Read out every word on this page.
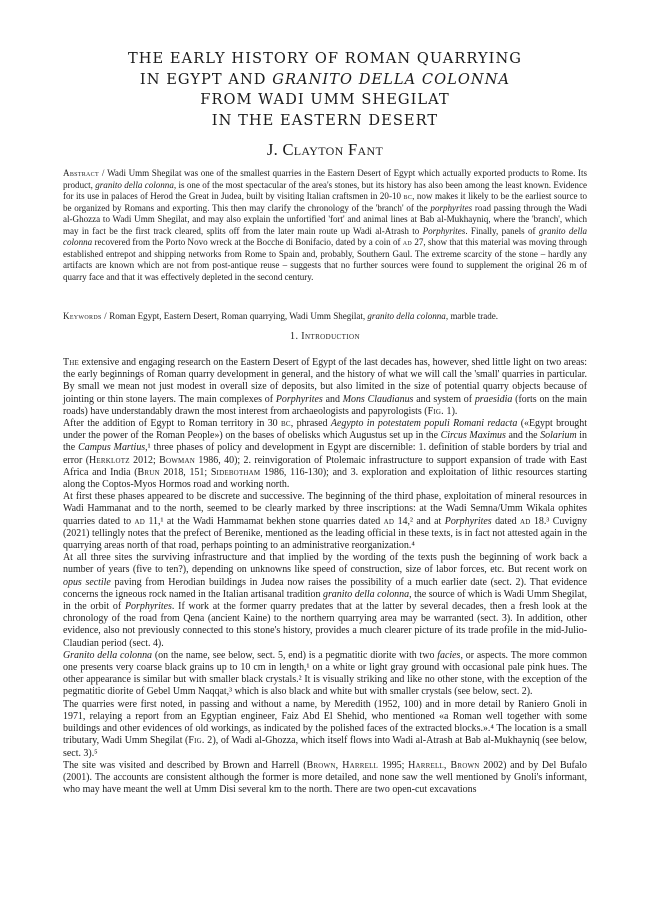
THE EARLY HISTORY OF ROMAN QUARRYING
IN EGYPT AND GRANITO DELLA COLONNA
FROM WADI UMM SHEGILAT
IN THE EASTERN DESERT
J. Clayton Fant

Abstract / Wadi Umm Shegilat was one of the smallest quarries in the Eastern Desert of Egypt which actually exported products to Rome. Its product, granito della colonna, is one of the most spectacular of the area's stones, but its history has also been among the least known. Evidence for its use in palaces of Herod the Great in Judea, built by visiting Italian craftsmen in 20-10 bc, now makes it likely to be the earliest source to be organized by Romans and exporting. This then may clarify the chronology of the 'branch' of the porphyrites road passing through the Wadi al-Ghozza to Wadi Umm Shegilat, and may also explain the unfortified 'fort' and animal lines at Bab al-Mukhayniq, where the 'branch', which may in fact be the first track cleared, splits off from the later main route up Wadi al-Atrash to Porphyrites. Finally, panels of granito della colonna recovered from the Porto Novo wreck at the Bocche di Bonifacio, dated by a coin of ad 27, show that this material was moving through established entrepot and shipping networks from Rome to Spain and, probably, Southern Gaul. The extreme scarcity of the stone – hardly any artifacts are known which are not from post-antique reuse – suggests that no further sources were found to supplement the original 26 m of quarry face and that it was effectively depleted in the second century.

Keywords / Roman Egypt, Eastern Desert, Roman quarrying, Wadi Umm Shegilat, granito della colonna, marble trade.

1. Introduction

The extensive and engaging research on the Eastern Desert of Egypt of the last decades has, however, shed little light on two areas: the early beginnings of Roman quarry development in general, and the history of what we will call the 'small' quarries in particular. By small we mean not just modest in overall size of deposits, but also limited in the size of potential quarry objects because of jointing or thin stone layers. The main complexes of Porphyrites and Mons Claudianus and system of praesidia (forts on the main roads) have understandably drawn the most interest from archaeologists and papyrologists (Fig. 1).

After the addition of Egypt to Roman territory in 30 bc, phrased Aegypto in potestatem populi Romani redacta («Egypt brought under the power of the Roman People») on the bases of obelisks which Augustus set up in the Circus Maximus and the Solarium in the Campus Martius,¹ three phases of policy and development in Egypt are discernible: 1. definition of stable borders by trial and error (Herklotz 2012; Bowman 1986, 40); 2. reinvigoration of Ptolemaic infrastructure to support expansion of trade with East Africa and India (Brun 2018, 151; Sidebotham 1986, 116-130); and 3. exploration and exploitation of lithic resources starting along the Coptos-Myos Hormos road and working north.

At first these phases appeared to be discrete and successive. The beginning of the third phase, exploitation of mineral resources in Wadi Hammanat and to the north, seemed to be clearly marked by three inscriptions: at the Wadi Semna/Umm Wikala ophites quarries dated to ad 11,¹ at the Wadi Hammamat bekhen stone quarries dated ad 14,² and at Porphyrites dated ad 18.³ Cuvigny (2021) tellingly notes that the prefect of Berenike, mentioned as the leading official in these texts, is in fact not attested again in the quarrying areas north of that road, perhaps pointing to an administrative reorganization.⁴

At all three sites the surviving infrastructure and that implied by the wording of the texts push the beginning of work back a number of years (five to ten?), depending on unknowns like speed of construction, size of labor forces, etc. But recent work on opus sectile paving from Herodian buildings in Judea now raises the possibility of a much earlier date (sect. 2). That evidence concerns the igneous rock named in the Italian artisanal tradition granito della colonna, the source of which is Wadi Umm Shegilat, in the orbit of Porphyrites. If work at the former quarry predates that at the latter by several decades, then a fresh look at the chronology of the road from Qena (ancient Kaine) to the northern quarrying area may be warranted (sect. 3). In addition, other evidence, also not previously connected to this stone's history, provides a much clearer picture of its trade profile in the mid-Julio-Claudian period (sect. 4).

Granito della colonna (on the name, see below, sect. 5, end) is a pegmatitic diorite with two facies, or aspects. The more common one presents very coarse black grains up to 10 cm in length,¹ on a white or light gray ground with occasional pale pink hues. The other appearance is similar but with smaller black crystals.² It is visually striking and like no other stone, with the exception of the pegmatitic diorite of Gebel Umm Naqqat,³ which is also black and white but with smaller crystals (see below, sect. 2).

The quarries were first noted, in passing and without a name, by Meredith (1952, 100) and in more detail by Raniero Gnoli in 1971, relaying a report from an Egyptian engineer, Faiz Abd El Shehid, who mentioned «a Roman well together with some buildings and other evidences of old workings, as indicated by the polished faces of the extracted blocks.».⁴ The location is a small tributary, Wadi Umm Shegilat (Fig. 2), of Wadi al-Ghozza, which itself flows into Wadi al-Atrash at Bab al-Mukhayniq (see below, sect. 3).⁵

The site was visited and described by Brown and Harrell (Brown, Harrell 1995; Harrell, Brown 2002) and by Del Bufalo (2001). The accounts are consistent although the former is more detailed, and none saw the well mentioned by Gnoli's informant, who may have meant the well at Umm Disi several km to the north. There are two open-cut excavations
